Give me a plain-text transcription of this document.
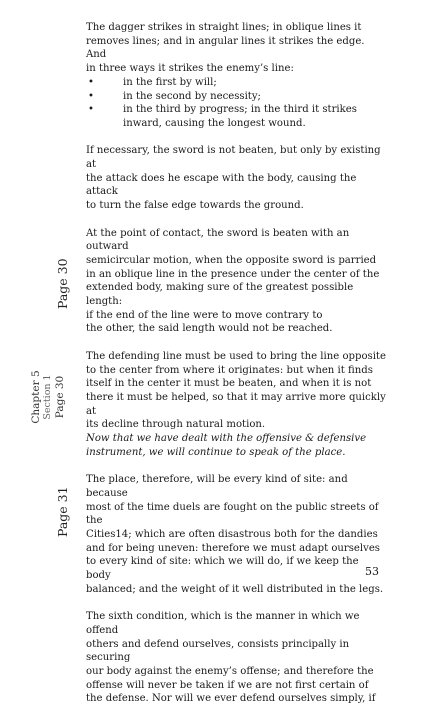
Page 30
Chapter 5 Section 1 Page 30
Page 31

The dagger strikes in straight lines; in oblique lines it
removes lines; and in angular lines it strikes the edge. And
in three ways it strikes the enemy’s line:

•	in the first by will;
•	in the second by necessity;
•	in the third by progress; in the third it strikes
inward, causing the longest wound.

If necessary, the sword is not beaten, but only by existing at
the attack does he escape with the body, causing the attack
to turn the false edge towards the ground.

At the point of contact, the sword is beaten with an outward
semicircular motion, when the opposite sword is parried
in an oblique line in the presence under the center of the
extended body, making sure of the greatest possible length:
if the end of the line were to move contrary to
the other, the said length would not be reached.

The defending line must be used to bring the line opposite
to the center from where it originates: but when it finds
itself in the center it must be beaten, and when it is not
there it must be helped, so that it may arrive more quickly at
its decline through natural motion.

Now that we have dealt with the offensive & defensive
instrument, we will continue to speak of the place.

The place, therefore, will be every kind of site: and because
most of the time duels are fought on the public streets of the
Cities14; which are often disastrous both for the dandies
and for being uneven: therefore we must adapt ourselves
to every kind of site: which we will do, if we keep the body
balanced; and the weight of it well distributed in the legs.

The sixth condition, which is the manner in which we offend
others and defend ourselves, consists principally in securing
our body against the enemy’s offense; and therefore the
offense will never be taken if we are not first certain of
the defense. Nor will we ever defend ourselves simply, if

53
